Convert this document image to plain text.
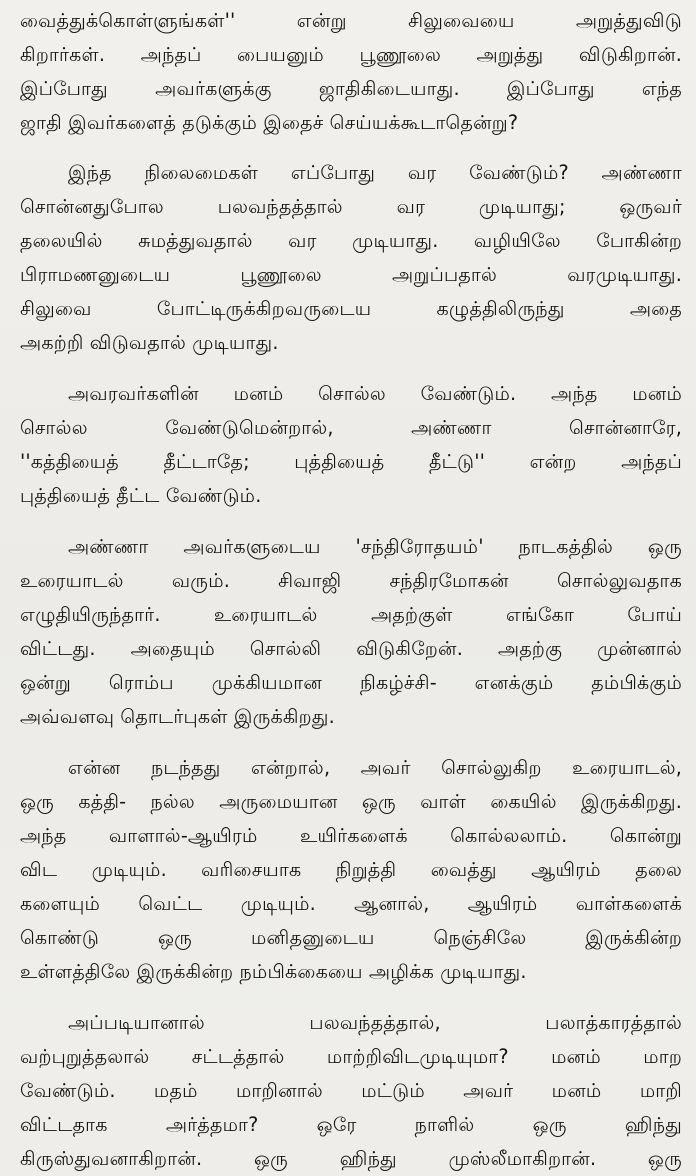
வைத்துக்கொள்ளுங்கள்'' என்று சிலுவையை அறுத்துவிடு
கிறார்கள். அந்தப் பையனும் பூணூலை அறுத்து விடுகிறான்.
இப்போது அவர்களுக்கு ஜாதிகிடையாது. இப்போது எந்த
ஜாதி இவர்களைத் தடுக்கும் இதைச் செய்யக்கூடாதென்று?
இந்த நிலைமைகள் எப்போது வர வேண்டும்? அண்ணா
சொன்னதுபோல பலவந்தத்தால் வர முடியாது; ஒருவர்
தலையில் சுமத்துவதால் வர முடியாது. வழியிலே போகின்ற
பிராமணனுடைய பூணூலை அறுப்பதால் வரமுடியாது.
சிலுவை போட்டிருக்கிறவருடைய கழுத்திலிருந்து அதை
அகற்றி விடுவதால் முடியாது.
அவரவர்களின் மனம் சொல்ல வேண்டும். அந்த மனம்
சொல்ல வேண்டுமென்றால், அண்ணா சொன்னாரே,
''கத்தியைத் தீட்டாதே; புத்தியைத் தீட்டு'' என்ற அந்தப்
புத்தியைத் தீட்ட வேண்டும்.
அண்ணா அவர்களுடைய 'சந்திரோதயம்' நாடகத்தில் ஒரு
உரையாடல் வரும். சிவாஜி சந்திரமோகன் சொல்லுவதாக
எழுதியிருந்தார். உரையாடல் அதற்குள் எங்கோ போய்
விட்டது. அதையும் சொல்லி விடுகிறேன். அதற்கு முன்னால்
ஒன்று ரொம்ப முக்கியமான நிகழ்ச்சி- எனக்கும் தம்பிக்கும்
அவ்வளவு தொடர்புகள் இருக்கிறது.
என்ன நடந்தது என்றால், அவர் சொல்லுகிற உரையாடல்,
ஒரு கத்தி- நல்ல அருமையான ஒரு வாள் கையில் இருக்கிறது.
அந்த வாளால்-ஆயிரம் உயிர்களைக் கொல்லலாம். கொன்று
விட முடியும். வரிசையாக நிறுத்தி வைத்து ஆயிரம் தலை
களையும் வெட்ட முடியும். ஆனால், ஆயிரம் வாள்களைக்
கொண்டு ஒரு மனிதனுடைய நெஞ்சிலே இருக்கின்ற
உள்ளத்திலே இருக்கின்ற நம்பிக்கையை அழிக்க முடியாது.
அப்படியானால் பலவந்தத்தால், பலாத்காரத்தால்
வற்புறுத்தலால் சட்டத்தால் மாற்றிவிடமுடியுமா? மனம் மாற
வேண்டும். மதம் மாறினால் மட்டும் அவர் மனம் மாறி
விட்டதாக அர்த்தமா? ஒரே நாளில் ஒரு ஹிந்து
கிருஸ்துவனாகிறான். ஒரு ஹிந்து முஸ்லீமாகிறான். ஒரு
